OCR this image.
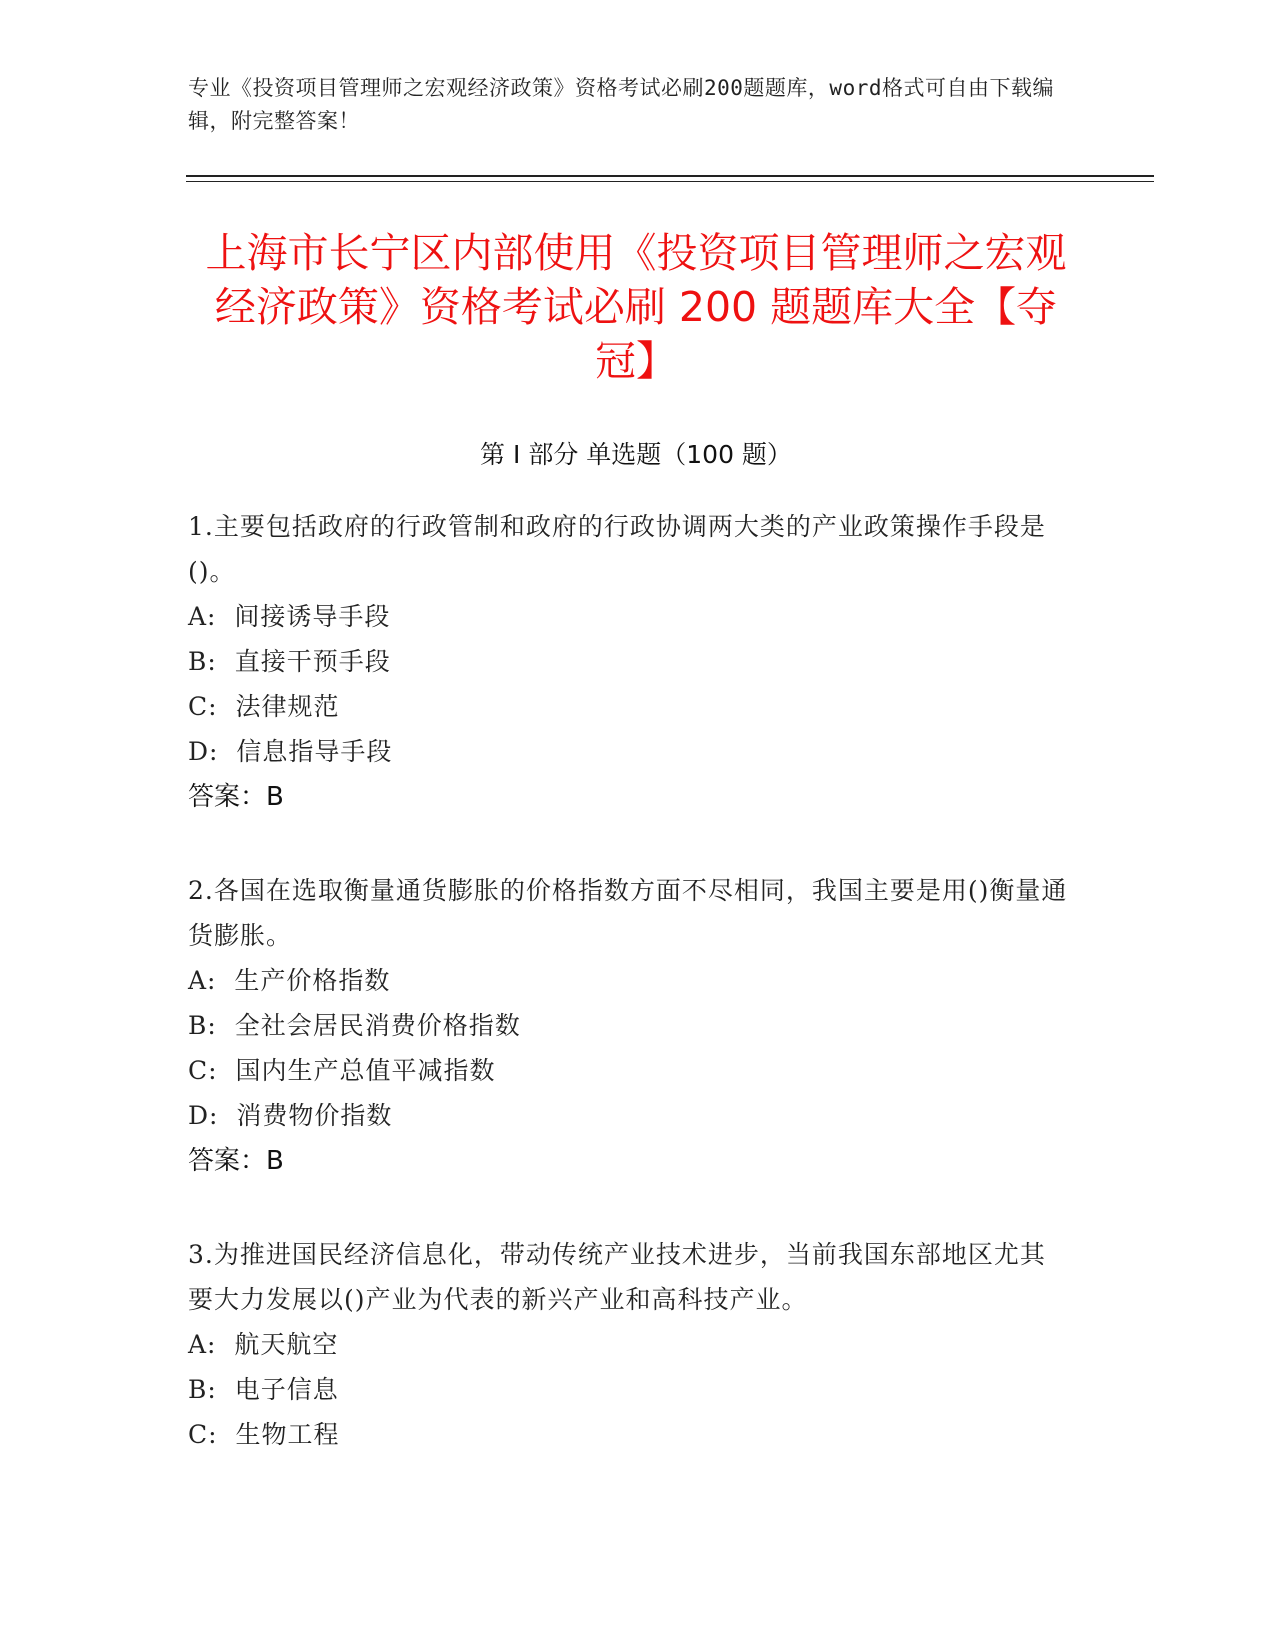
专业《投资项目管理师之宏观经济政策》资格考试必刷200题题库，word格式可自由下载编辑，附完整答案！
上海市长宁区内部使用《投资项目管理师之宏观经济政策》资格考试必刷 200 题题库大全【夺冠】
第 I 部分 单选题（100 题）
1.主要包括政府的行政管制和政府的行政协调两大类的产业政策操作手段是()。
A:  间接诱导手段
B:  直接干预手段
C:  法律规范
D:  信息指导手段
答案：B
2.各国在选取衡量通货膨胀的价格指数方面不尽相同，我国主要是用()衡量通货膨胀。
A:  生产价格指数
B:  全社会居民消费价格指数
C:  国内生产总值平减指数
D:  消费物价指数
答案：B
3.为推进国民经济信息化，带动传统产业技术进步，当前我国东部地区尤其要大力发展以()产业为代表的新兴产业和高科技产业。
A:  航天航空
B:  电子信息
C:  生物工程
